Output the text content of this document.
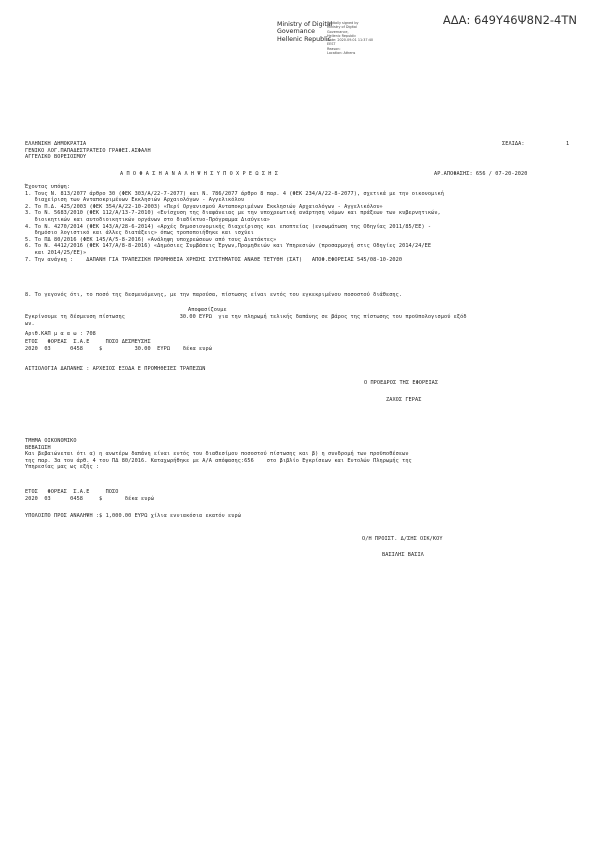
ΑΔΑ: 649Υ46Ψ8Ν2-4ΤΝ
Ministry of Digital
Governance
Hellenic Republic
Digitally signed by
Ministry of Digital
Governance,
Hellenic Republic
Date: 2020.09.01 11:37:40
EEST
Reason:
Location: Athens
ΕΛΛΗΝΙΚΗ ΔΗΜΟΚΡΑΤΙΑ
ΓΕΝΙΚΟ ΛΟΓ.ΠΑΠΑΔΕΣΤΡΑΤΕΙΟ ΓΡΑΦΕΙ.ΑΣΦΑΛΗ
ΑΓΓΕΛΙΚΟ ΒΟΡΕΙΟΣΜΟΥ
ΣΕΛΙΔΑ:	1
Α Π Ο Φ Α Σ Η Α Ν Α Λ Η Ψ Η Σ Υ Π Ο Χ Ρ Ε Ω Σ Η Σ	ΑΡ.ΑΠΟΦΑΣΗΣ: 656 / 07-20-2020
Έχοντας υπόψη:
1. Τους Ν. 813/2077 άρθρο 30 (ΦΕΚ 303/Α/22-7-2077) και Ν. 786/2077 άρθρο 8 παρ. 4 (ΦΕΚ 234/Α/22-8-2077), σχετικά με την οικονομική
διαχείριση των Ανταποκριμένων Εκκλησιών Αρχαιολόγων - Αγγελικόλου
2. Το Π.Δ. 425/2003 (ΦΕΚ 354/Α/22-10-2003) «Περί Οργανισμού Ανταποκριμένων Εκκλησιών Αρχαιολόγων - Αγγελικόλου»
3. Το Ν. 5683/2010 (ΦΕΚ 112/Α/13-7-2010) «Ενίσχυση της διαφάνειας με την υποχρεωτική ανάρτηση νόμων και πράξεων των κυβερνητικών,
διοικητικών και αυτοδιοικητικών οργάνων στο διαδίκτυο-Πρόγραμμα Διαύγεια»
4. Το Ν. 4270/2014 (ΦΕΚ 143/Α/28-6-2014) «Αρχές δημοσιονομικής διαχείρισης και εποπτείας (ενσωμάτωση της Οδηγίας 2011/85/ΕΕ) -
δημόσιο λογιστικό και άλλες διατάξεις» όπως τροποποιήθηκε και ισχύει
5. Το ΠΔ 80/2016 (ΦΕΚ 145/Α/5-8-2016) «Ανάληψη υποχρεώσεων από τους Διατάκτες»
6. Το Ν. 4412/2016 (ΦΕΚ 147/Α/8-8-2016) «Δημόσιες Συμβάσεις Έργων,Προμηθειών και Υπηρεσιών (προσαρμογή στις Οδηγίες 2014/24/ΕΕ
και 2014/25/ΕΕ)»
7. Την ανάγκη :    ΔΑΠΑΝΗ ΓΙΑ ΤΡΑΠΕΖΙΚΗ ΠΡΟΜΗΘΕΙΑ ΧΡΗΣΗΣ ΣΥΣΤΗΜΑΤΟΣ ΑΝΑΘΕ ΤΕΤΥΘΗ (ΣΑΤ)   ΑΠΟΦ.ΕΦΟΡΕΙΑΣ 545/08-10-2020
8. Το γεγονός ότι, το ποσό της δεσμευόμενης, με την παρούσα, πίστωσης είναι εντός του εγκεκριμένου ποσοστού διάθεσης.
Αποφασίζουμε
Εγκρίνουμε τη δέσμευση πίστωσης                 30.00 ΕΥΡΩ  για την πληρωμή τελικής δαπάνης σε βάρος της πίστωσης του προϋπολογισμού εξόδ
ων.
Αριθ.ΚΑΠ μ α α ω : 708
ΕΤΟΣ   ΦΟΡΕΑΣ  Σ.Α.Ε     ΠΟΣΟ ΔΕΣΜΕΥΣΗΣ
2020  03      0458     $          30.00  ΕΥΡΩ    δέκα ευρώ
ΑΙΤΙΟΛΟΓΙΑ ΔΑΠΑΝΗΣ : ΑΡΧΕΙΟΣ ΕΞΟΔΑ Ε ΠΡΟΜΗΘΕΙΕΣ ΤΡΑΠΕΖΩΝ
Ο ΠΡΟΕΔΡΟΣ ΤΗΣ ΕΦΟΡΕΙΑΣ
ΖΑΧΟΣ ΓΕΡΑΣ
ΤΜΗΜΑ ΟΙΚΟΝΟΜΙΚΟ
ΒΕΒΑΙΩΣΗ
Και βεβαιώνεται ότι α) η ανωτέρω δαπάνη είναι εντός του διαθεσίμου ποσοστού πίστωσης και β) η συνδρομή των προϋποθέσεων
της παρ. 3α του άρθ. 4 του ΠΔ 80/2016. Καταχωρήθηκε με Α/Α απόφασης:656    στο βιβλίο Εγκρίσεων και Εντολών Πληρωμής της
Υπηρεσίας μας ως εξής :
ΕΤΟΣ   ΦΟΡΕΑΣ  Σ.Α.Ε     ΠΟΣΟ
2020  03      0458     $       δέκα ευρώ
ΥΠΟΛΟΙΠΟ ΠΡΟΣ ΑΝΑΛΗΨΗ :$ 1,000.00 ΕΥΡΩ χίλια εννιακόσια εκατόν ευρώ
Ο/Η ΠΡΟΙΣΤ. Δ/ΣΗΣ ΟΙΚ/ΚΟΥ
ΒΑΣΙΛΗΣ ΒΑΣΙΛ
